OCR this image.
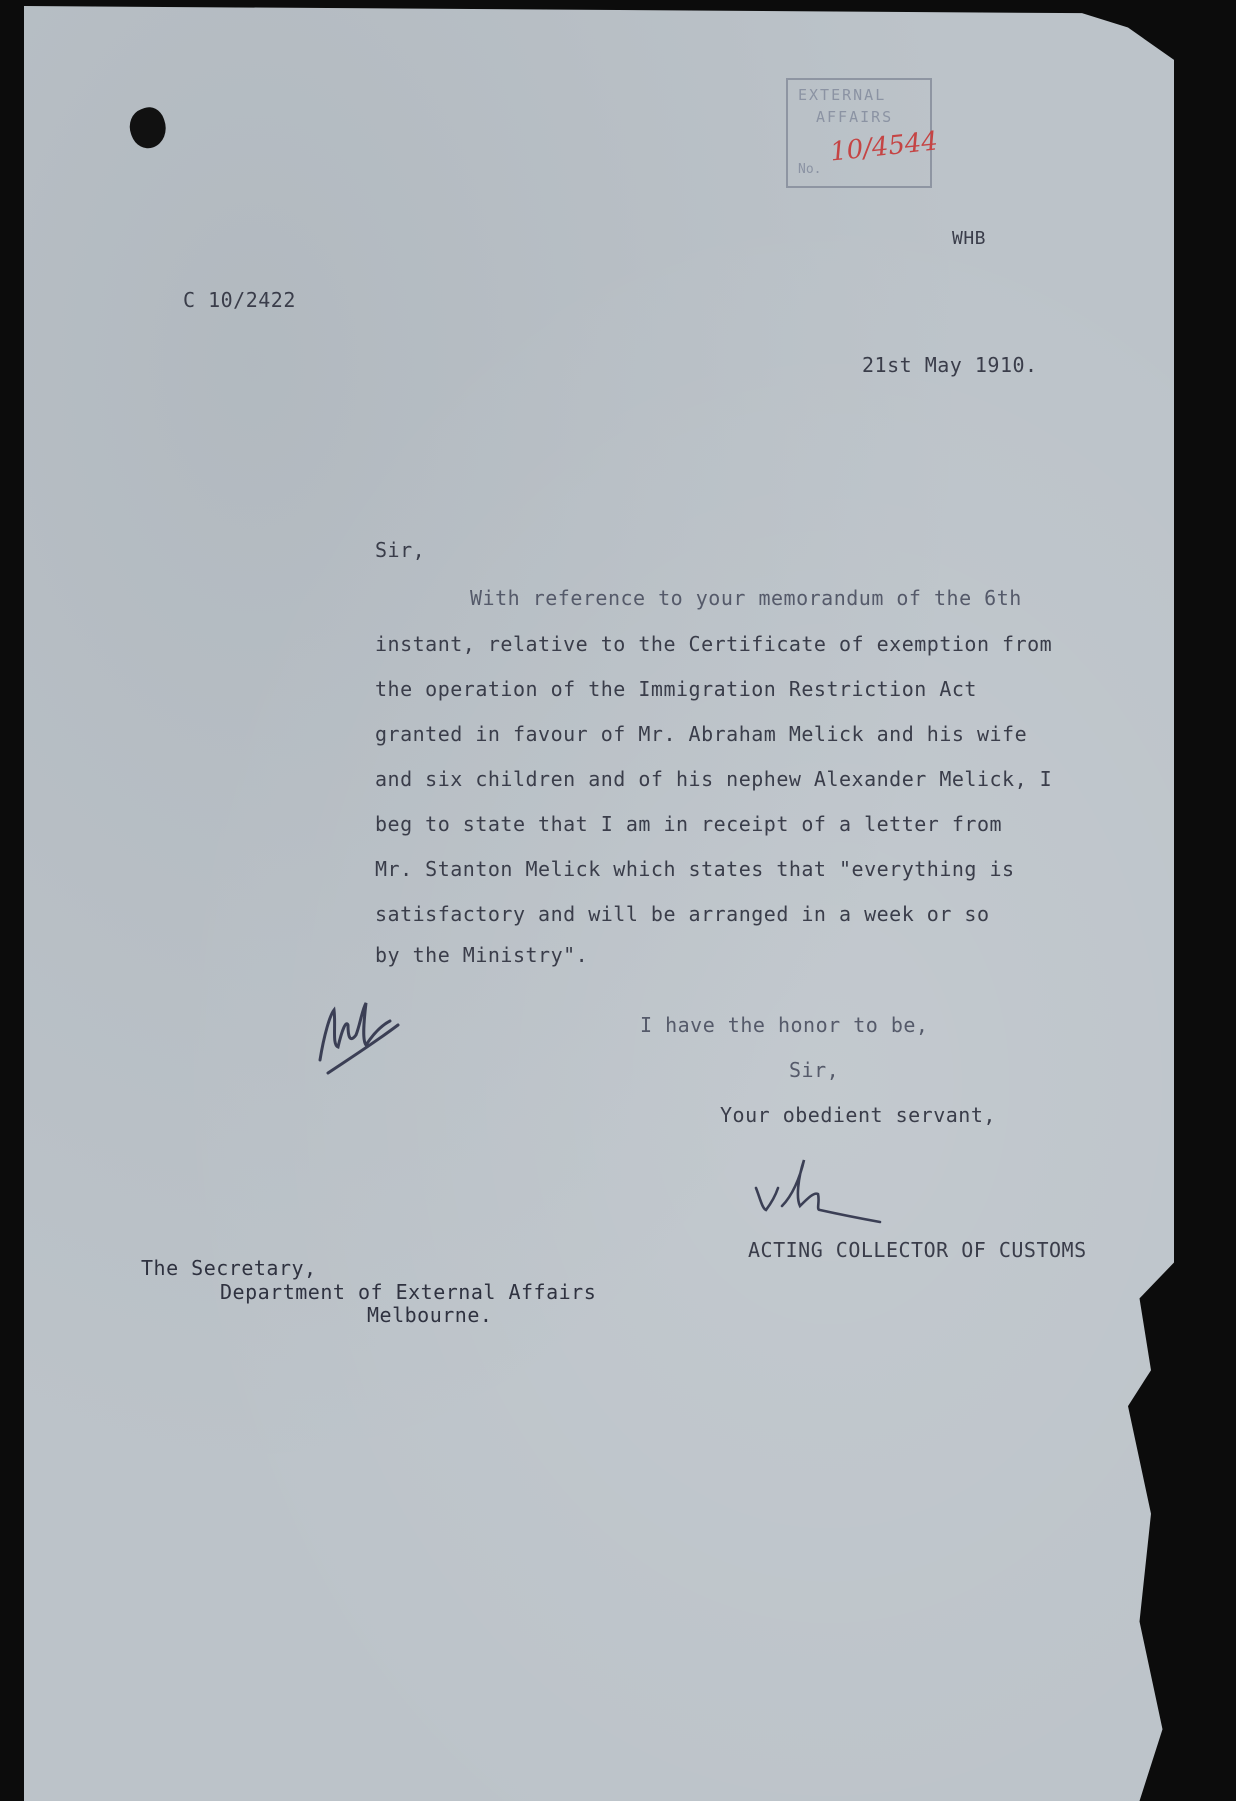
EXTERNAL
AFFAIRS
No.
10/4544
WHB
C 10/2422
21st May 1910.
Sir,
With reference to your memorandum of the 6th
instant, relative to the Certificate of exemption from
the operation of the Immigration Restriction Act
granted in favour of Mr. Abraham Melick and his wife
and six children and of his nephew Alexander Melick, I
beg to state that I am in receipt of a letter from
Mr. Stanton Melick which states that "everything is
satisfactory and will be arranged in a week or so
by the Ministry".
I have the honor to be,
Sir,
Your obedient servant,
ACTING COLLECTOR OF CUSTOMS
The Secretary,
Department of External Affairs
Melbourne.
